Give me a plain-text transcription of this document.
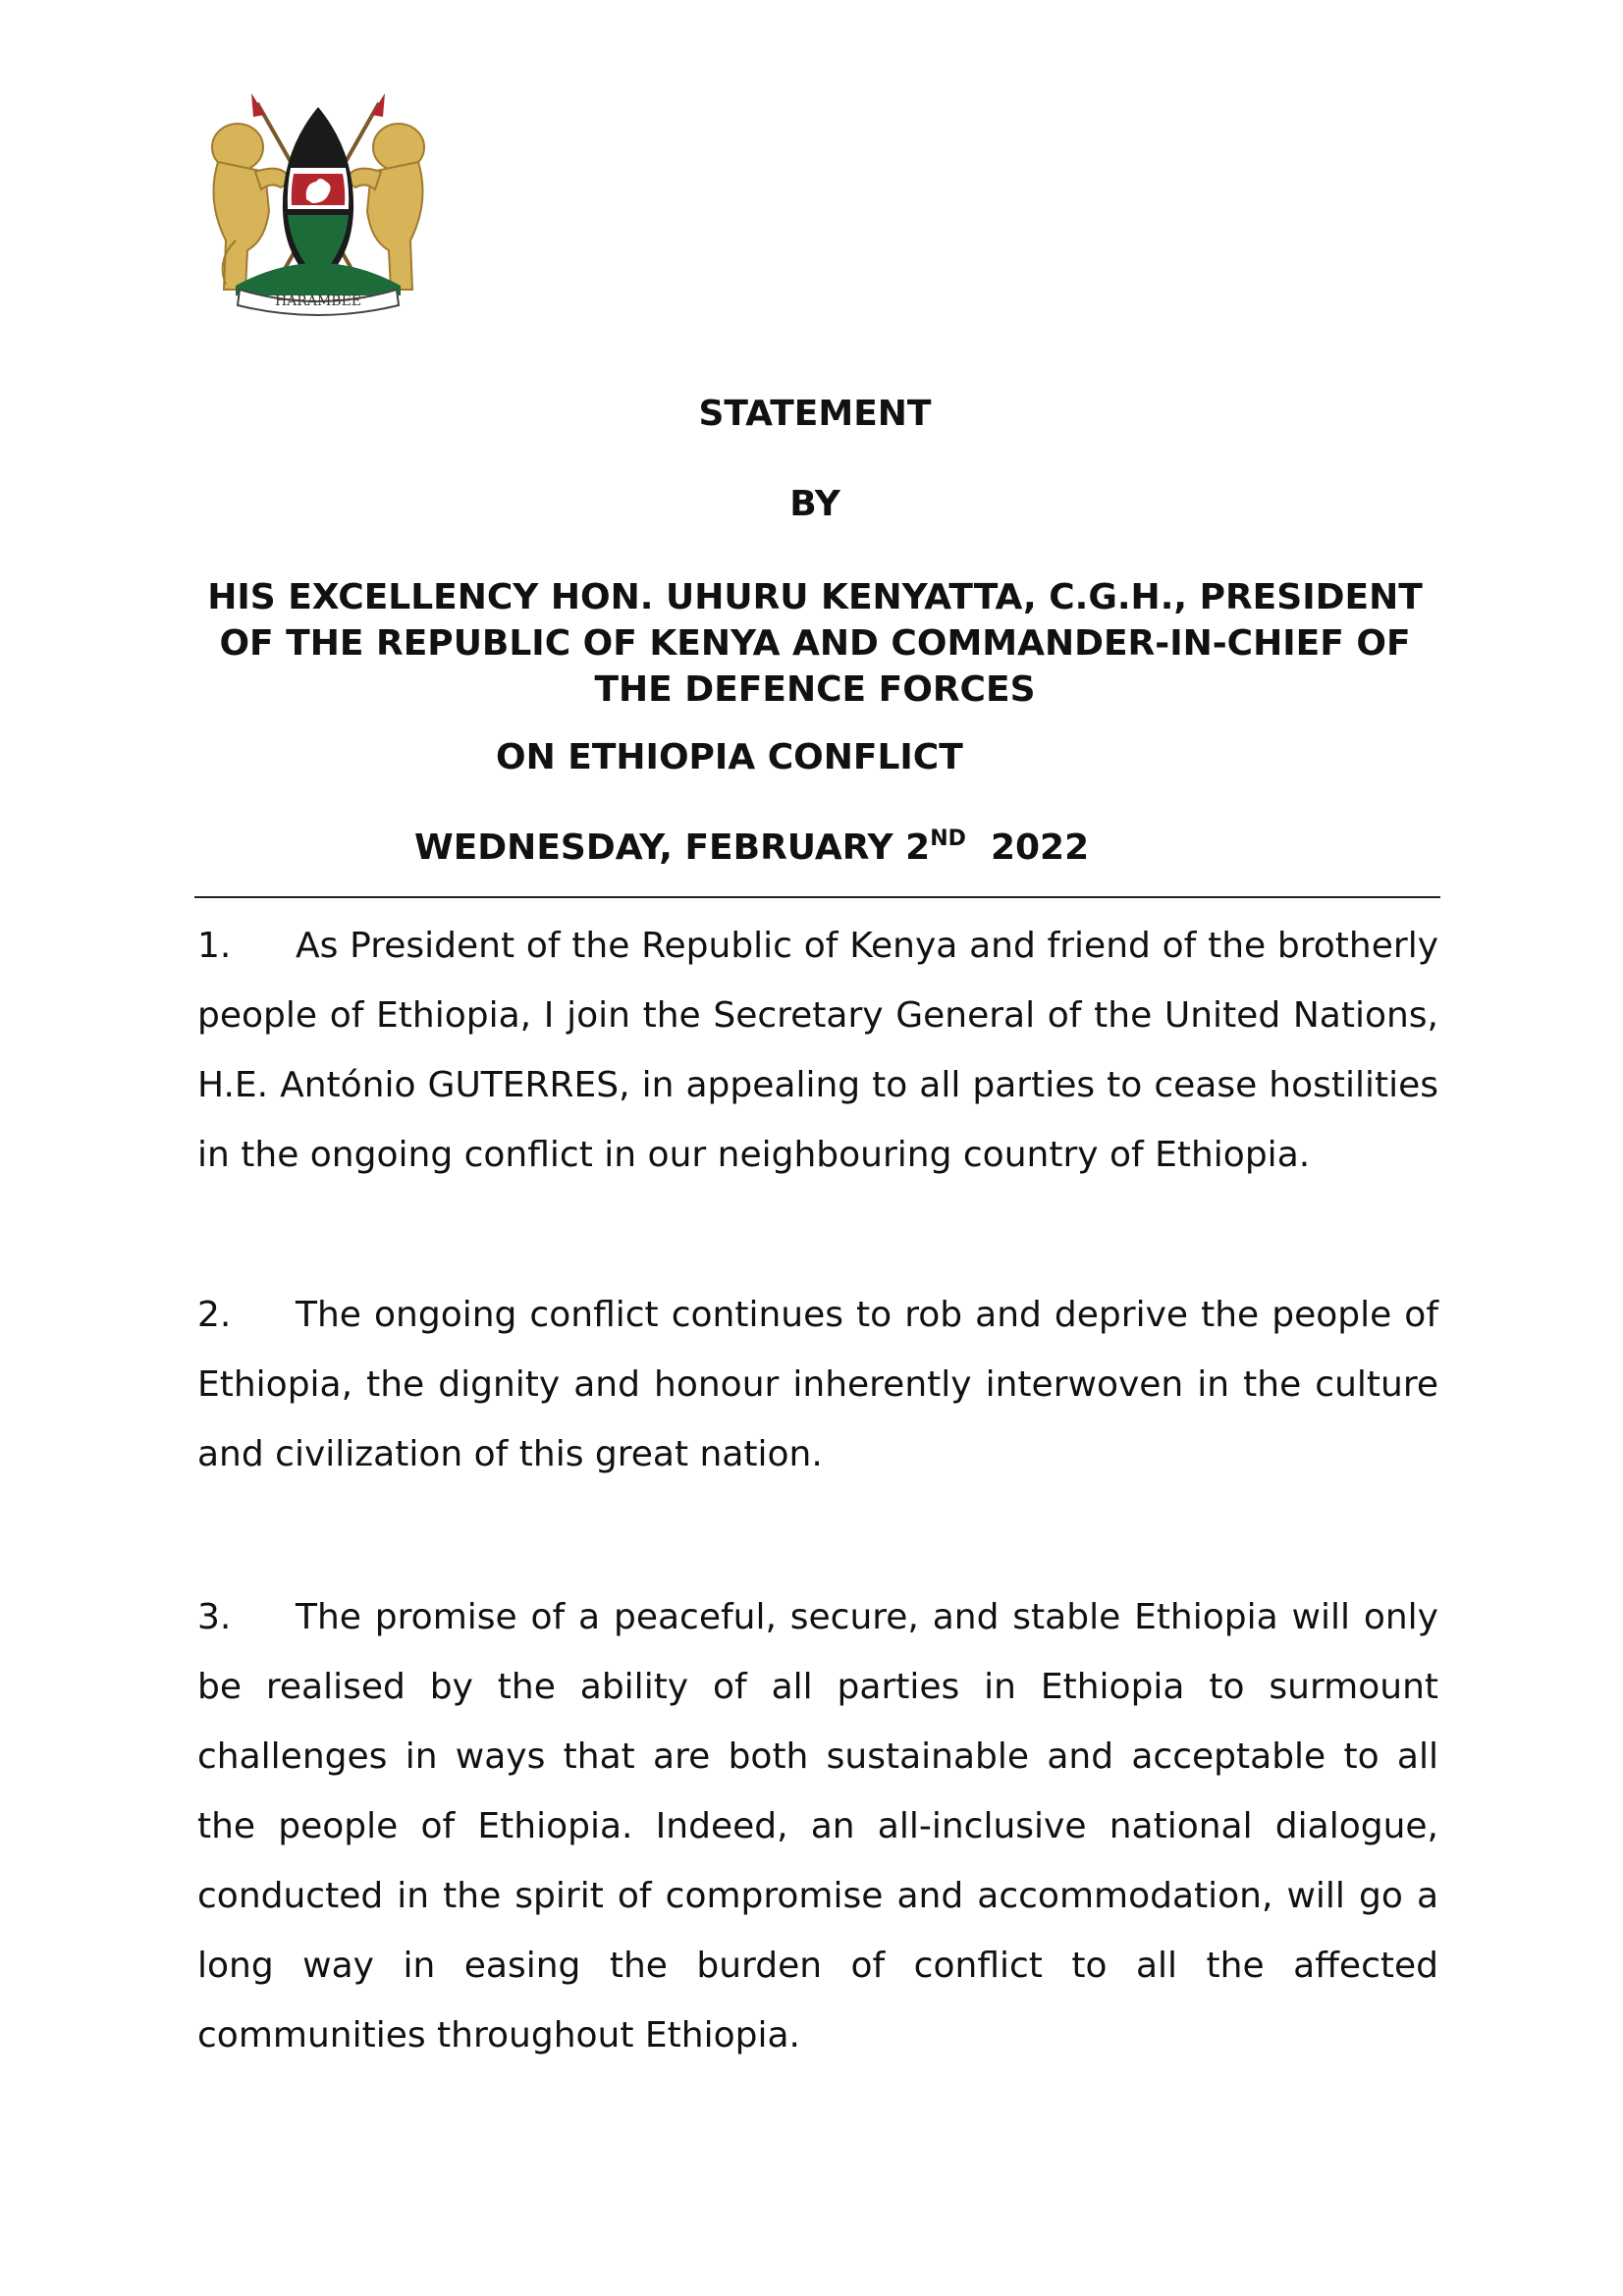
HARAMBEE
STATEMENT
BY
HIS EXCELLENCY HON. UHURU KENYATTA, C.G.H., PRESIDENT
OF THE REPUBLIC OF KENYA AND COMMANDER-IN-CHIEF OF
THE DEFENCE FORCES
ON ETHIOPIA CONFLICT
WEDNESDAY, FEBRUARY 2ND 2022

1. As President of the Republic of Kenya and friend of the brotherly people of Ethiopia, I join the Secretary General of the United Nations, H.E. António GUTERRES, in appealing to all parties to cease hostilities in the ongoing conflict in our neighbouring country of Ethiopia.

2. The ongoing conflict continues to rob and deprive the people of Ethiopia, the dignity and honour inherently interwoven in the culture and civilization of this great nation.

3. The promise of a peaceful, secure, and stable Ethiopia will only be realised by the ability of all parties in Ethiopia to surmount challenges in ways that are both sustainable and acceptable to all the people of Ethiopia. Indeed, an all-inclusive national dialogue, conducted in the spirit of compromise and accommodation, will go a long way in easing the burden of conflict to all the affected communities throughout Ethiopia.
